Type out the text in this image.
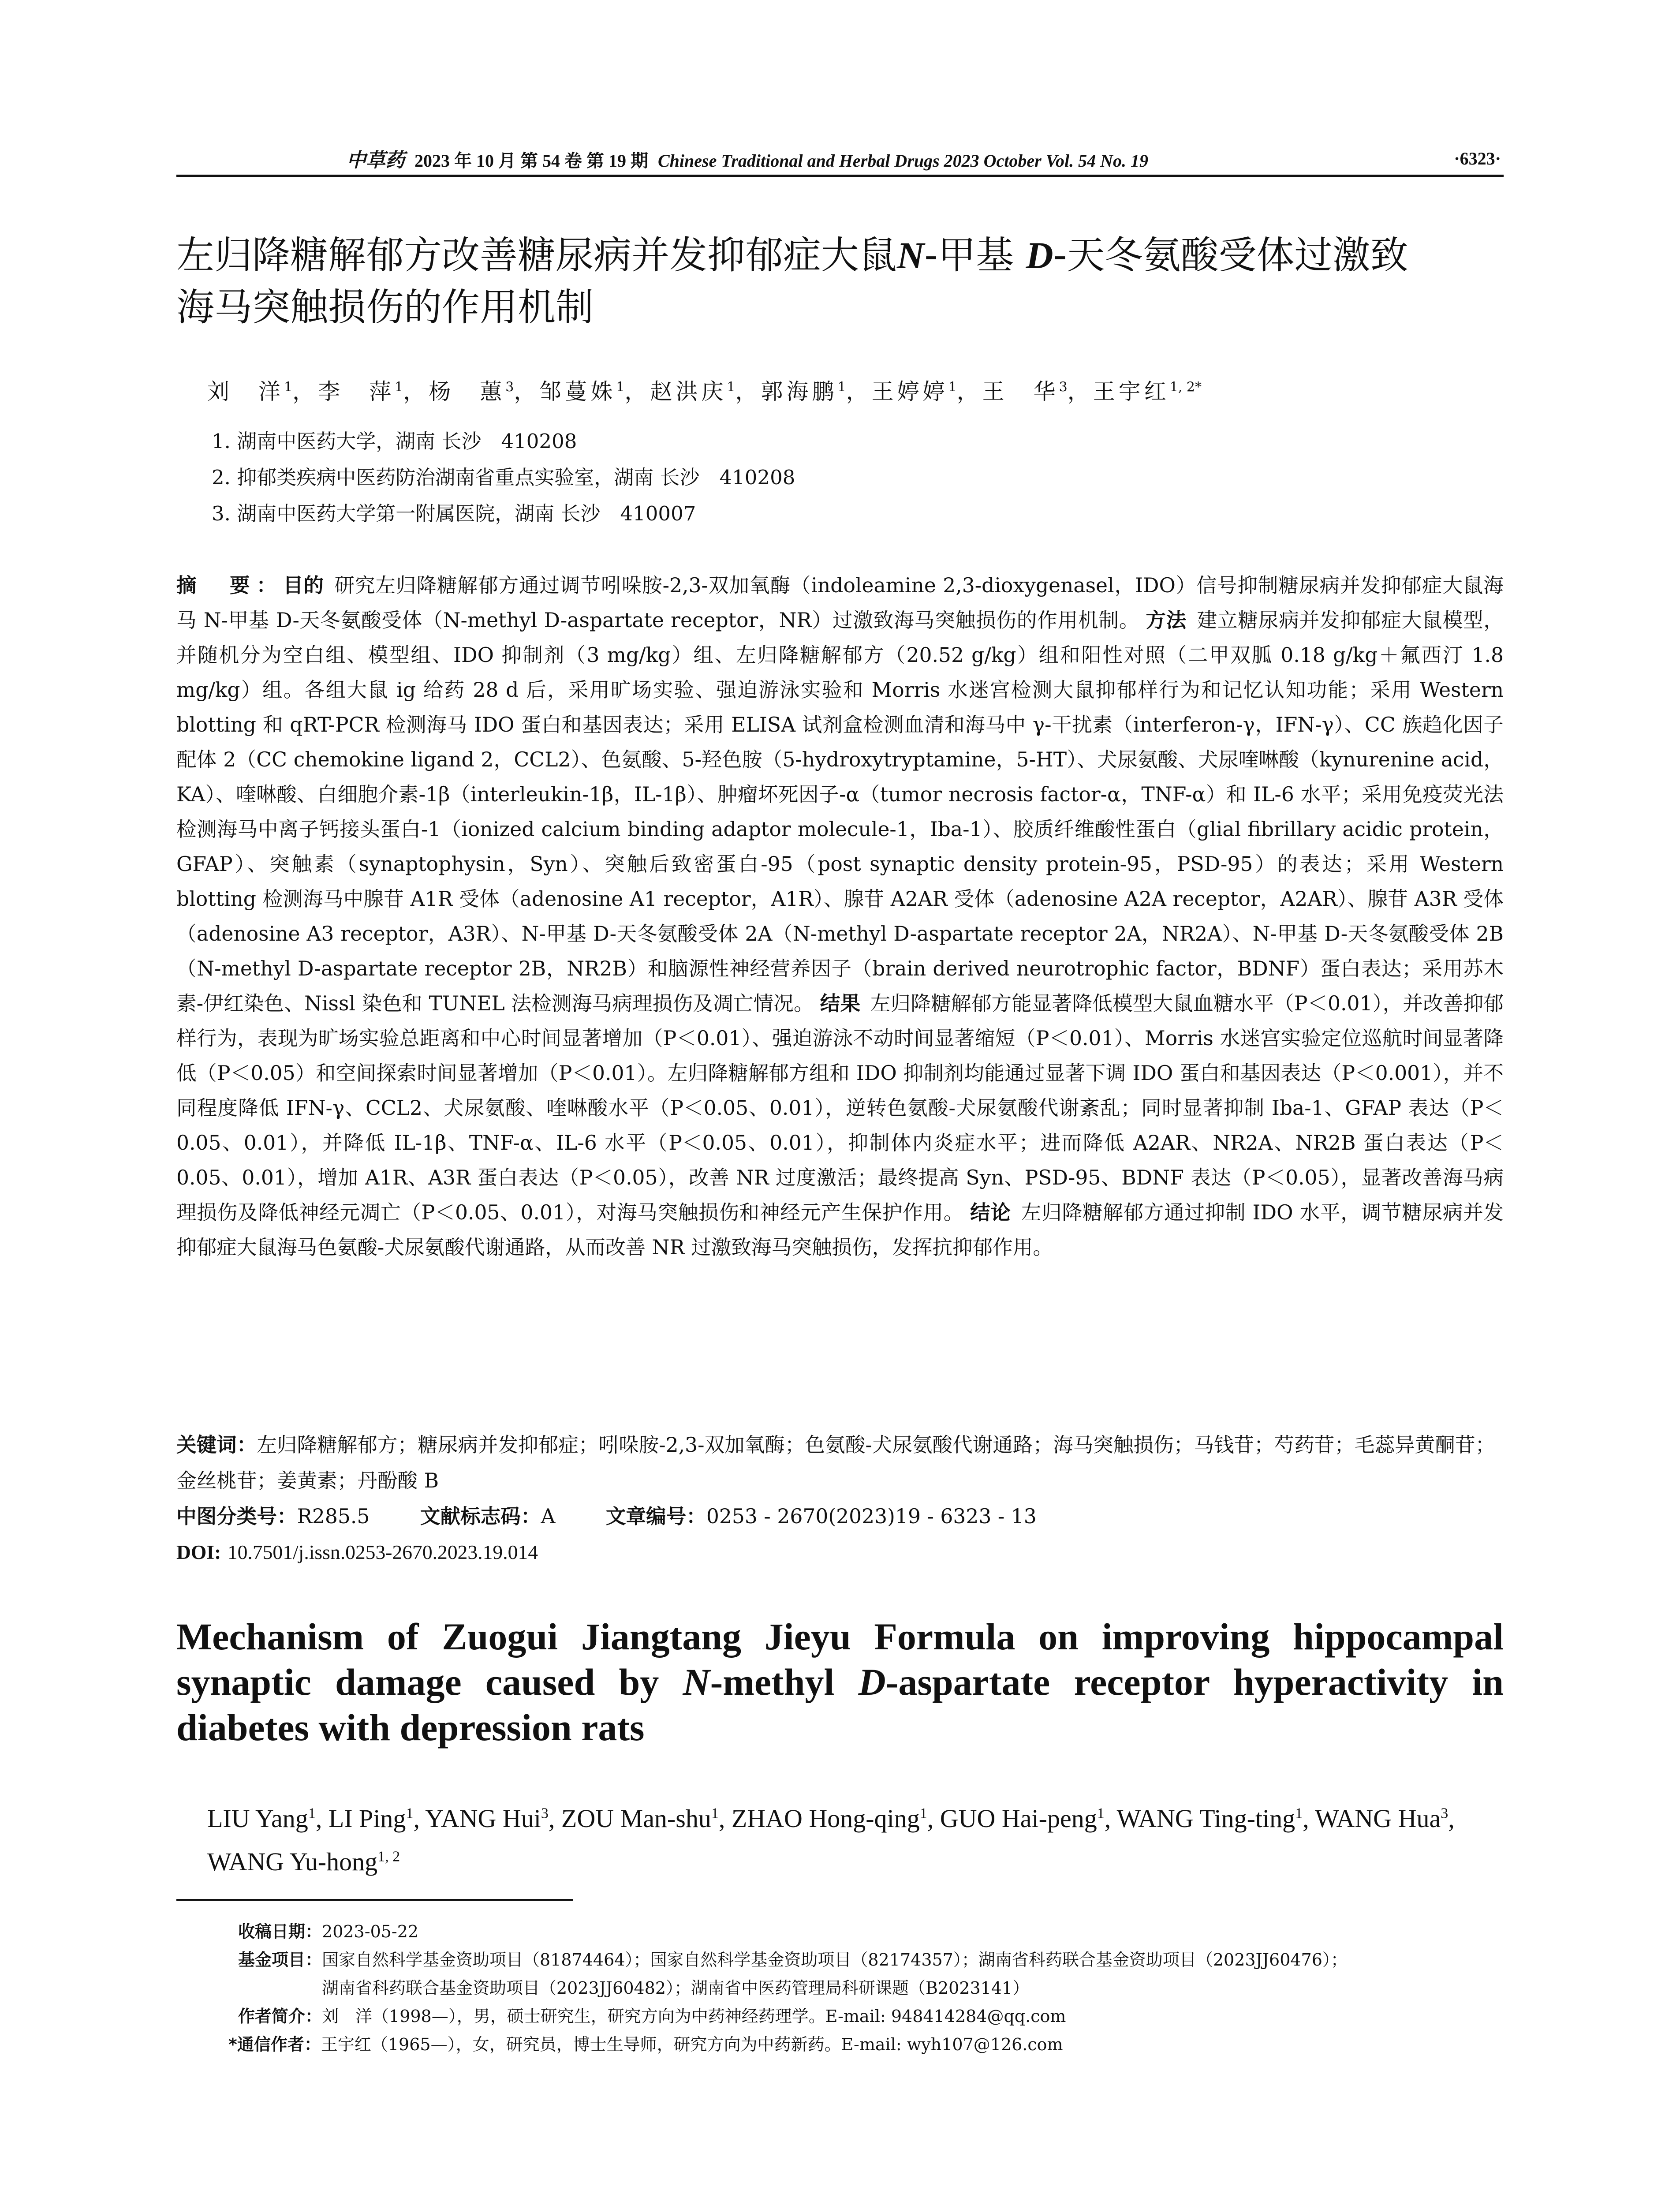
中草药 2023 年 10 月 第 54 卷 第 19 期 Chinese Traditional and Herbal Drugs 2023 October Vol. 54 No. 19	·6323·
左归降糖解郁方改善糖尿病并发抑郁症大鼠N-甲基 D-天冬氨酸受体过激致
海马突触损伤的作用机制

刘　洋$^1$，李　萍$^1$，杨　蕙$^3$，邹蔓姝$^1$，赵洪庆$^1$，郭海鹏$^1$，王婷婷$^1$，王　华$^3$，王宇红$^{1, 2*}$

1. 湖南中医药大学，湖南 长沙　410208
2. 抑郁类疾病中医药防治湖南省重点实验室，湖南 长沙　410208
3. 湖南中医药大学第一附属医院，湖南 长沙　410007

摘　要：目的 研究左归降糖解郁方通过调节吲哚胺-2,3-双加氧酶（indoleamine 2,3-dioxygenasel，IDO）信号抑制糖尿病并发抑郁症大鼠海马 N-甲基 D-天冬氨酸受体（N-methyl D-aspartate receptor，NR）过激致海马突触损伤的作用机制。 方法 建立糖尿病并发抑郁症大鼠模型，并随机分为空白组、模型组、IDO 抑制剂（3 mg/kg）组、左归降糖解郁方（20.52 g/kg）组和阳性对照（二甲双胍 0.18 g/kg＋氟西汀 1.8 mg/kg）组。各组大鼠 ig 给药 28 d 后，采用旷场实验、强迫游泳实验和 Morris 水迷宫检测大鼠抑郁样行为和记忆认知功能；采用 Western blotting 和 qRT-PCR 检测海马 IDO 蛋白和基因表达；采用 ELISA 试剂盒检测血清和海马中 γ-干扰素（interferon-γ，IFN-γ）、CC 族趋化因子配体 2（CC chemokine ligand 2，CCL2）、色氨酸、5-羟色胺（5-hydroxytryptamine，5-HT）、犬尿氨酸、犬尿喹啉酸（kynurenine acid，KA）、喹啉酸、白细胞介素-1β（interleukin-1β，IL-1β）、肿瘤坏死因子-α（tumor necrosis factor-α，TNF-α）和 IL-6 水平；采用免疫荧光法检测海马中离子钙接头蛋白-1（ionized calcium binding adaptor molecule-1，Iba-1）、胶质纤维酸性蛋白（glial fibrillary acidic protein，GFAP）、突触素（synaptophysin，Syn）、突触后致密蛋白-95（post synaptic density protein-95，PSD-95）的表达；采用 Western blotting 检测海马中腺苷 A1R 受体（adenosine A1 receptor，A1R）、腺苷 A2AR 受体（adenosine A2A receptor，A2AR）、腺苷 A3R 受体（adenosine A3 receptor，A3R）、N-甲基 D-天冬氨酸受体 2A（N-methyl D-aspartate receptor 2A，NR2A）、N-甲基 D-天冬氨酸受体 2B（N-methyl D-aspartate receptor 2B，NR2B）和脑源性神经营养因子（brain derived neurotrophic factor，BDNF）蛋白表达；采用苏木素-伊红染色、Nissl 染色和 TUNEL 法检测海马病理损伤及凋亡情况。 结果 左归降糖解郁方能显著降低模型大鼠血糖水平（P＜0.01），并改善抑郁样行为，表现为旷场实验总距离和中心时间显著增加（P＜0.01）、强迫游泳不动时间显著缩短（P＜0.01）、Morris 水迷宫实验定位巡航时间显著降低（P＜0.05）和空间探索时间显著增加（P＜0.01）。左归降糖解郁方组和 IDO 抑制剂均能通过显著下调 IDO 蛋白和基因表达（P＜0.001），并不同程度降低 IFN-γ、CCL2、犬尿氨酸、喹啉酸水平（P＜0.05、0.01），逆转色氨酸-犬尿氨酸代谢紊乱；同时显著抑制 Iba-1、GFAP 表达（P＜0.05、0.01），并降低 IL-1β、TNF-α、IL-6 水平（P＜0.05、0.01），抑制体内炎症水平；进而降低 A2AR、NR2A、NR2B 蛋白表达（P＜0.05、0.01），增加 A1R、A3R 蛋白表达（P＜0.05），改善 NR 过度激活；最终提高 Syn、PSD-95、BDNF 表达（P＜0.05），显著改善海马病理损伤及降低神经元凋亡（P＜0.05、0.01），对海马突触损伤和神经元产生保护作用。 结论 左归降糖解郁方通过抑制 IDO 水平，调节糖尿病并发抑郁症大鼠海马色氨酸-犬尿氨酸代谢通路，从而改善 NR 过激致海马突触损伤，发挥抗抑郁作用。

关键词：左归降糖解郁方；糖尿病并发抑郁症；吲哚胺-2,3-双加氧酶；色氨酸-犬尿氨酸代谢通路；海马突触损伤；马钱苷；芍药苷；毛蕊异黄酮苷；金丝桃苷；姜黄素；丹酚酸 B
中图分类号：R285.5	文献标志码：A	文章编号：0253 - 2670(2023)19 - 6323 - 13
DOI: 10.7501/j.issn.0253-2670.2023.19.014
Mechanism of Zuogui Jiangtang Jieyu Formula on improving hippocampal
synaptic damage caused by N-methyl D-aspartate receptor hyperactivity in
diabetes with depression rats

LIU Yang$^1$, LI Ping$^1$, YANG Hui$^3$, ZOU Man-shu$^1$, ZHAO Hong-qing$^1$, GUO Hai-peng$^1$, WANG Ting-ting$^1$, WANG Hua$^3$, WANG Yu-hong$^{1, 2}$

收稿日期：2023-05-22
基金项目：国家自然科学基金资助项目（81874464）；国家自然科学基金资助项目（82174357）；湖南省科药联合基金资助项目（2023JJ60476）；
湖南省科药联合基金资助项目（2023JJ60482）；湖南省中医药管理局科研课题（B2023141）
作者简介：刘　洋（1998—），男，硕士研究生，研究方向为中药神经药理学。E-mail: 948414284@qq.com
*通信作者：王宇红（1965—），女，研究员，博士生导师，研究方向为中药新药。E-mail: wyh107@126.com
